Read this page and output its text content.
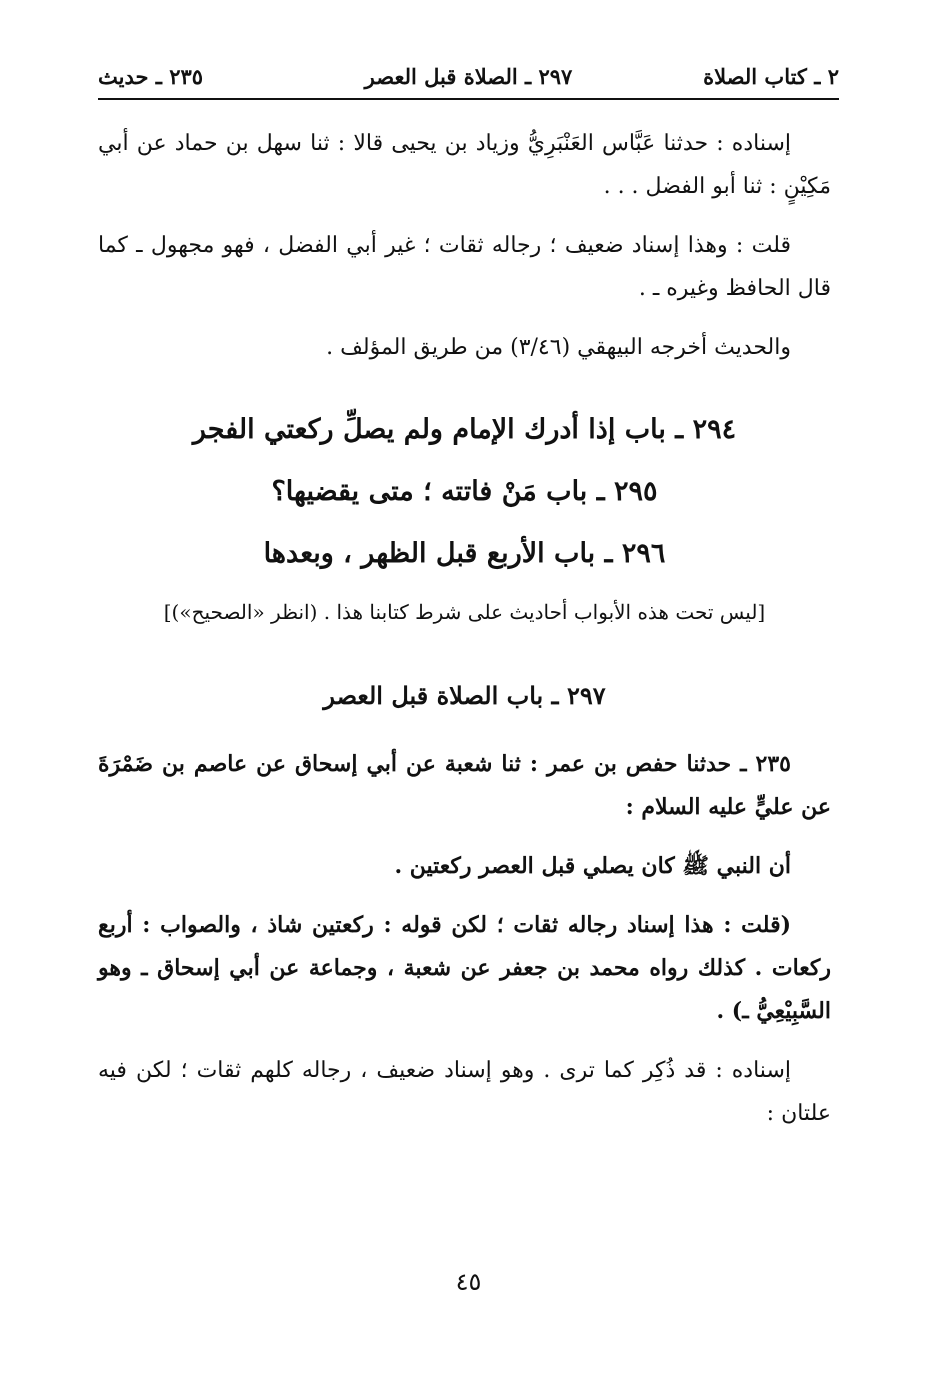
٢ ـ كتاب الصلاة
٢٩٧ ـ الصلاة قبل العصر
٢٣٥ ـ حديث

إسناده : حدثنا عَبَّاس العَنْبَرِيُّ وزياد بن يحيى قالا : ثنا سهل بن حماد عن أبي مَكِيْنٍ : ثنا أبو الفضل . . .

قلت : وهذا إسناد ضعيف ؛ رجاله ثقات ؛ غير أبي الفضل ، فهو مجهول ـ كما قال الحافظ وغيره ـ .

والحديث أخرجه البيهقي (٣/٤٦) من طريق المؤلف .

٢٩٤ ـ باب إذا أدرك الإمام ولم يصلِّ ركعتي الفجر

٢٩٥ ـ باب مَنْ فاتته ؛ متى يقضيها؟

٢٩٦ ـ باب الأربع قبل الظهر ، وبعدها

[ليس تحت هذه الأبواب أحاديث على شرط كتابنا هذا . (انظر «الصحيح»)]

٢٩٧ ـ باب الصلاة قبل العصر

٢٣٥ ـ حدثنا حفص بن عمر : ثنا شعبة عن أبي إسحاق عن عاصم بن ضَمْرَةَ عن عليٍّ عليه السلام :

أن النبي ﷺ كان يصلي قبل العصر ركعتين .

(قلت : هذا إسناد رجاله ثقات ؛ لكن قوله : ركعتين شاذ ، والصواب : أربع ركعات . كذلك رواه محمد بن جعفر عن شعبة ، وجماعة عن أبي إسحاق ـ وهو السَّبِيْعِيُّ ـ) .

إسناده : قد ذُكِر كما ترى . وهو إسناد ضعيف ، رجاله كلهم ثقات ؛ لكن فيه علتان :

٤٥
